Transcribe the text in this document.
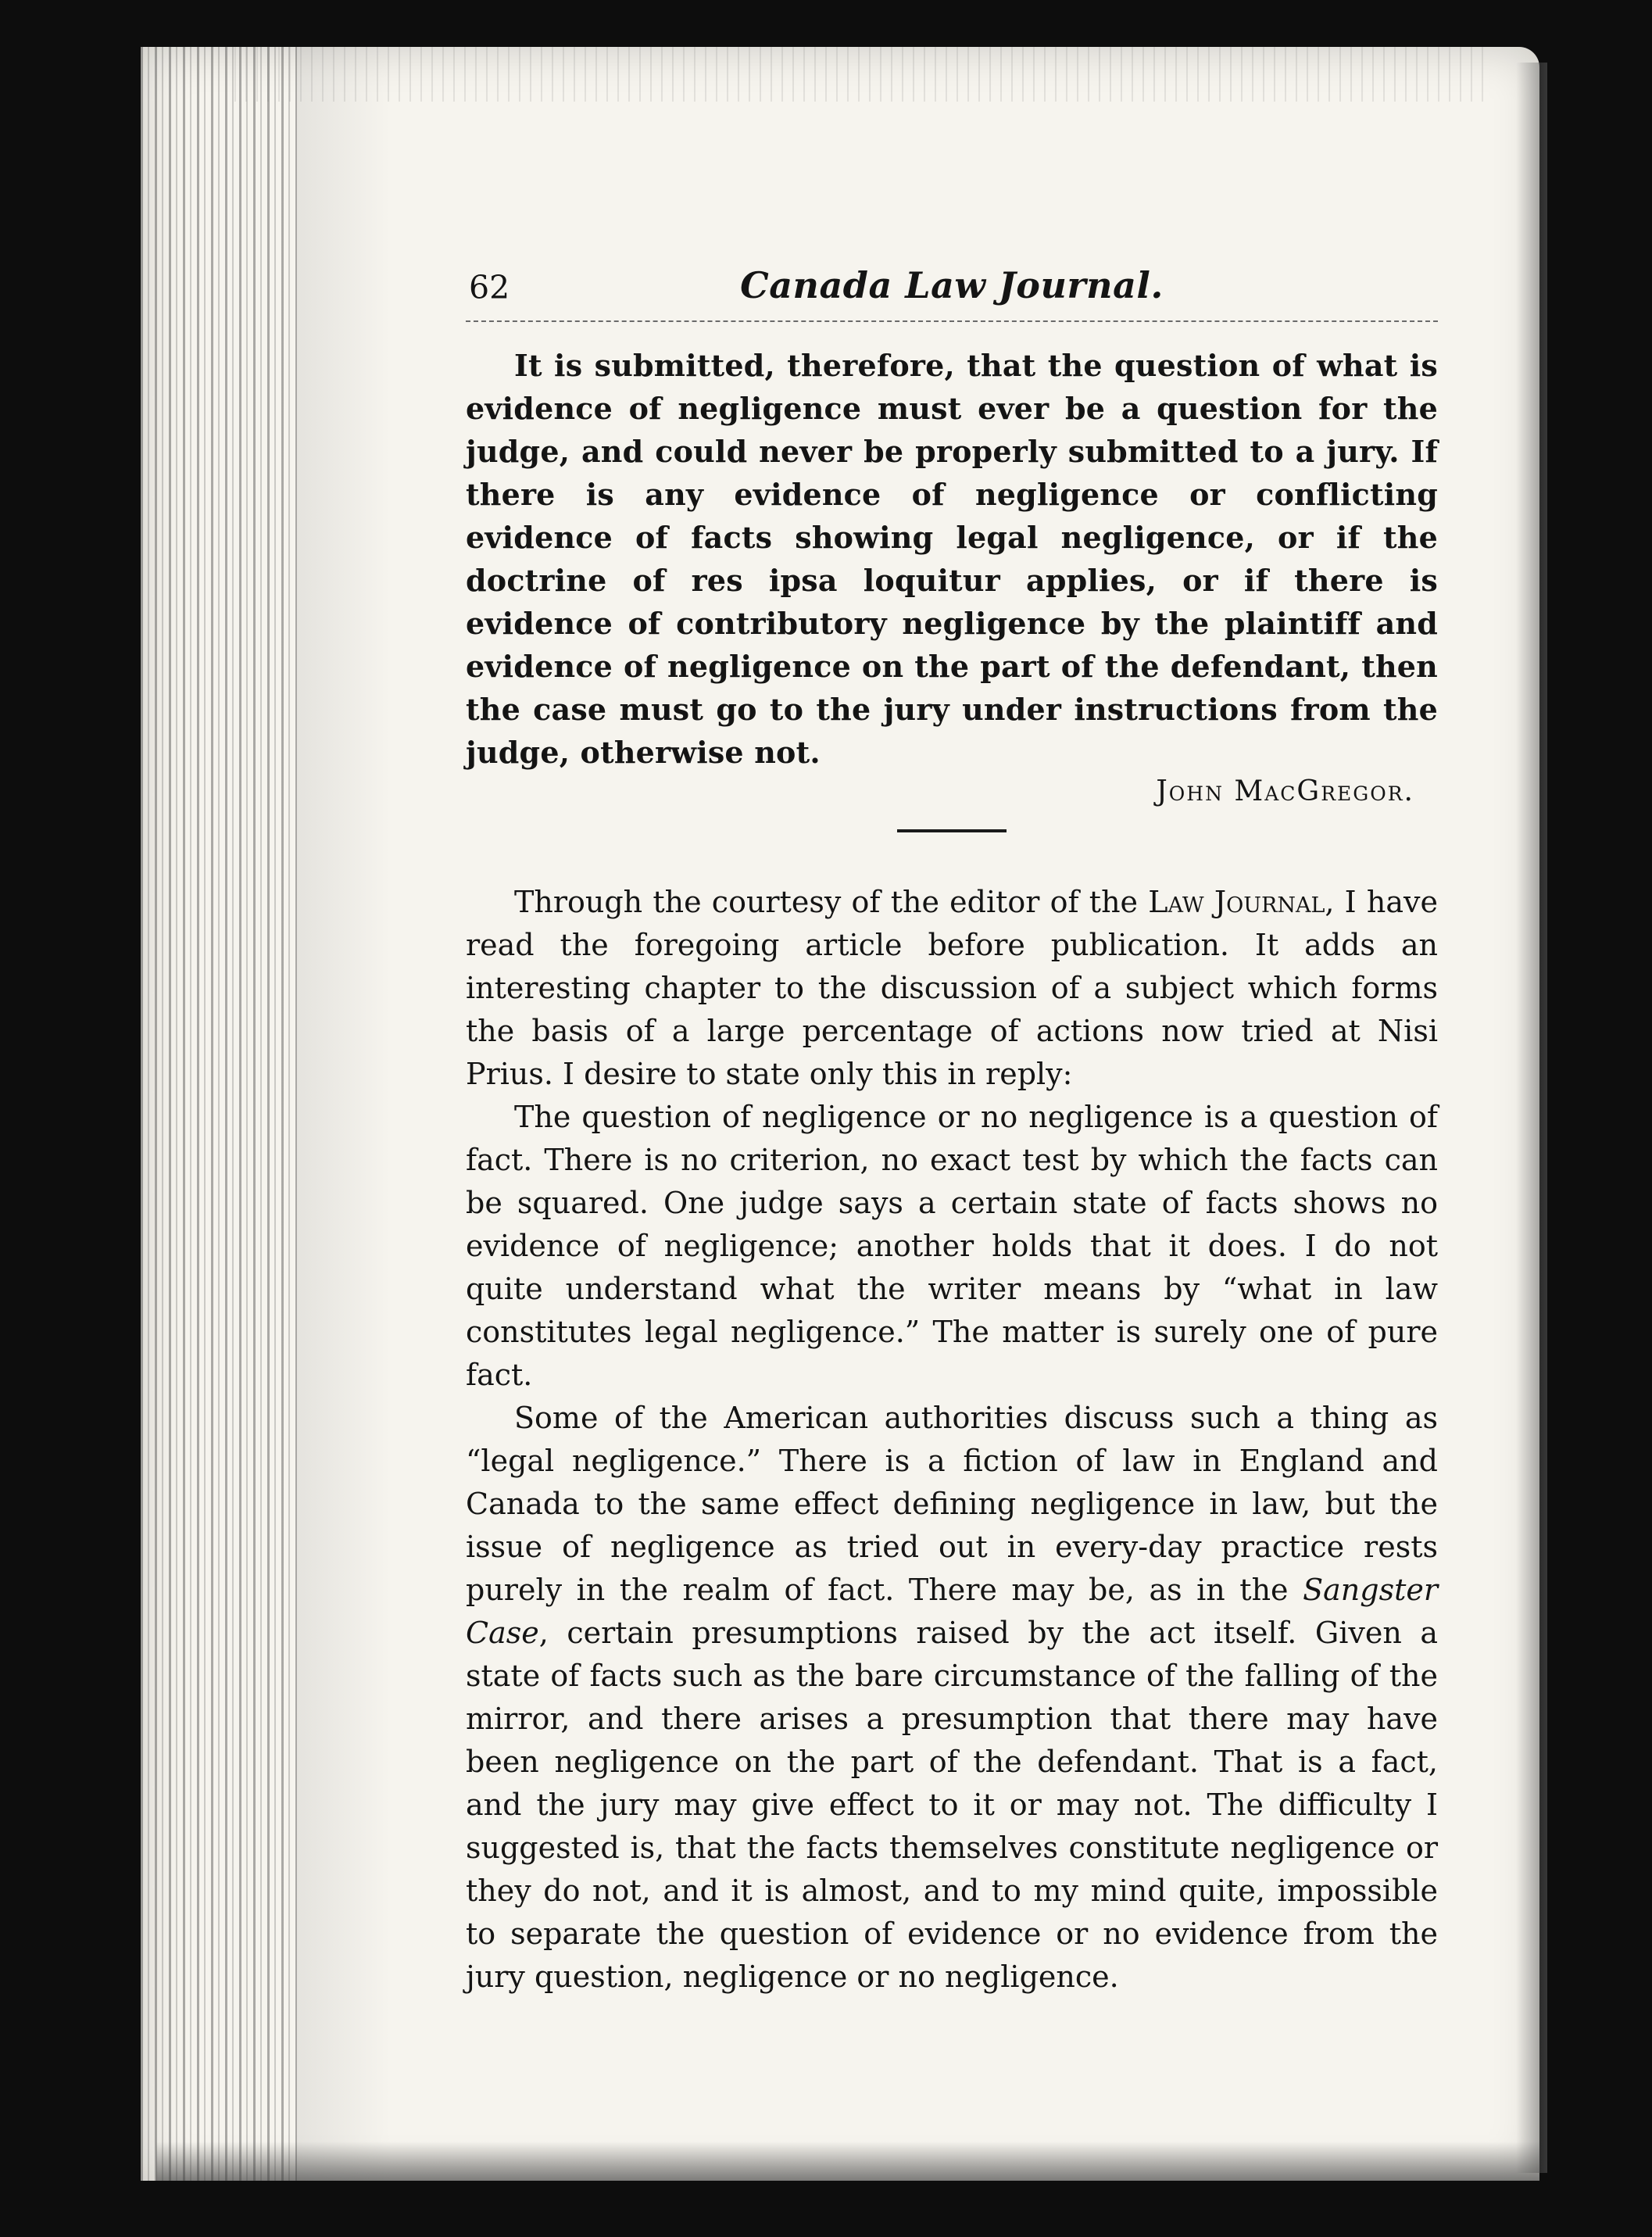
62	Canada Law Journal.

It is submitted, therefore, that the question of what is evidence of negligence must ever be a question for the judge, and could never be properly submitted to a jury. If there is any evidence of negligence or conflicting evidence of facts showing legal negligence, or if the doctrine of res ipsa loquitur applies, or if there is evidence of contributory negligence by the plaintiff and evidence of negligence on the part of the defendant, then the case must go to the jury under instructions from the judge, otherwise not.

John MacGregor.

Through the courtesy of the editor of the Law Journal, I have read the foregoing article before publication. It adds an interesting chapter to the discussion of a subject which forms the basis of a large percentage of actions now tried at Nisi Prius. I desire to state only this in reply:

The question of negligence or no negligence is a question of fact. There is no criterion, no exact test by which the facts can be squared. One judge says a certain state of facts shows no evidence of negligence; another holds that it does. I do not quite understand what the writer means by “what in law constitutes legal negligence.” The matter is surely one of pure fact.

Some of the American authorities discuss such a thing as “legal negligence.” There is a fiction of law in England and Canada to the same effect defining negligence in law, but the issue of negligence as tried out in every-day practice rests purely in the realm of fact. There may be, as in the Sangster Case, certain presumptions raised by the act itself. Given a state of facts such as the bare circumstance of the falling of the mirror, and there arises a presumption that there may have been negligence on the part of the defendant. That is a fact, and the jury may give effect to it or may not. The difficulty I suggested is, that the facts themselves constitute negligence or they do not, and it is almost, and to my mind quite, impossible to separate the question of evidence or no evidence from the jury question, negligence or no negligence.
